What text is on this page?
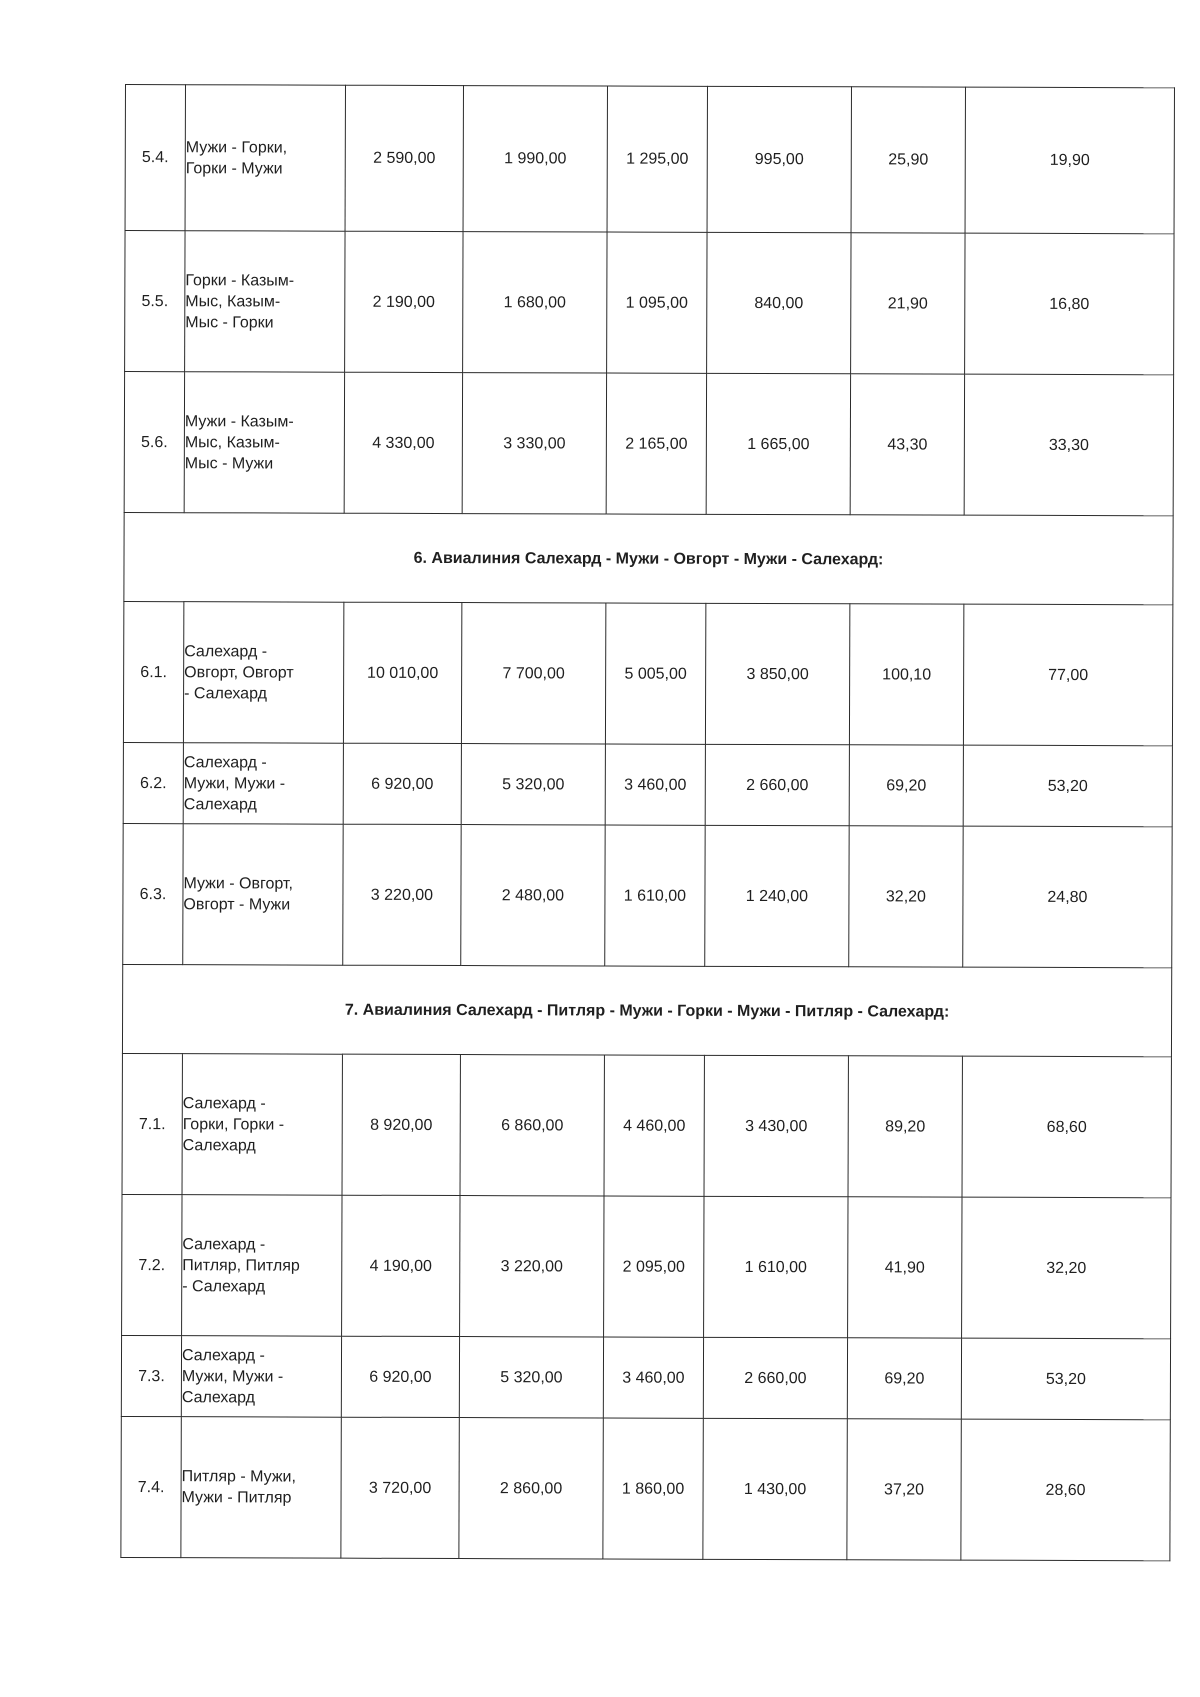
5.4.	Мужи - Горки,
Горки - Мужи	2 590,00	1 990,00	1 295,00	995,00	25,90	19,90
5.5.	Горки - Казым-
Мыс, Казым-
Мыс - Горки	2 190,00	1 680,00	1 095,00	840,00	21,90	16,80
5.6.	Мужи - Казым-
Мыс, Казым-
Мыс - Мужи	4 330,00	3 330,00	2 165,00	1 665,00	43,30	33,30
6. Авиалиния Салехард - Мужи - Овгорт - Мужи - Салехард:							
6.1.	Салехард -
Овгорт, Овгорт
- Салехард	10 010,00	7 700,00	5 005,00	3 850,00	100,10	77,00
6.2.	Салехард -
Мужи, Мужи -
Салехард	6 920,00	5 320,00	3 460,00	2 660,00	69,20	53,20
6.3.	Мужи - Овгорт,
Овгорт - Мужи	3 220,00	2 480,00	1 610,00	1 240,00	32,20	24,80
7. Авиалиния Салехард - Питляр - Мужи - Горки - Мужи - Питляр - Салехард:							
7.1.	Салехард -
Горки, Горки -
Салехард	8 920,00	6 860,00	4 460,00	3 430,00	89,20	68,60
7.2.	Салехард -
Питляр, Питляр
- Салехард	4 190,00	3 220,00	2 095,00	1 610,00	41,90	32,20
7.3.	Салехард -
Мужи, Мужи -
Салехард	6 920,00	5 320,00	3 460,00	2 660,00	69,20	53,20
7.4.	Питляр - Мужи,
Мужи - Питляр	3 720,00	2 860,00	1 860,00	1 430,00	37,20	28,60
